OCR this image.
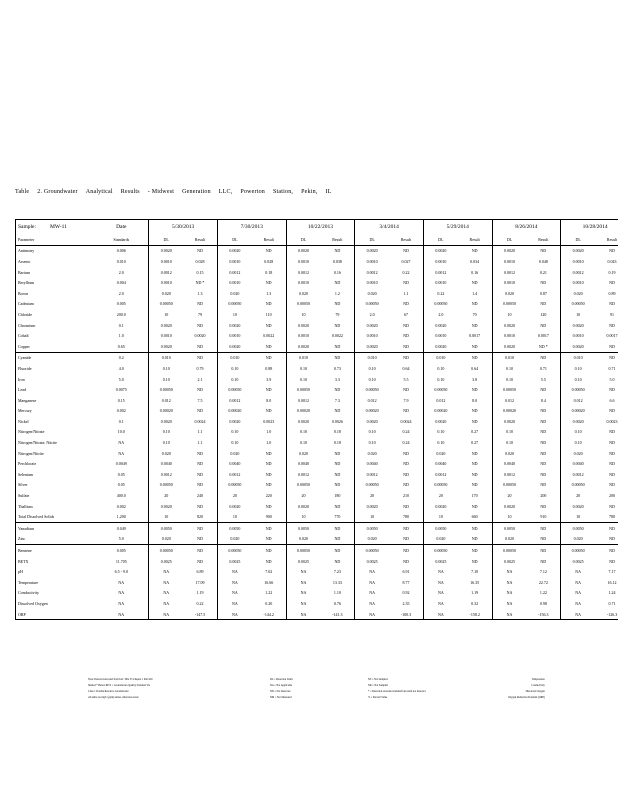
Table 2. Groundwater Analytical Results - Midwest Generation LLC, Powerton Station, Pekin, IL
Sample: MW-11	Date	5/30/2013		7/30/2013		10/22/2013		3/4/2014		5/29/2014		8/26/2014		10/28/2014	
Parameter	Standards	DL	Result	DL	Result	DL	Result	DL	Result	DL	Result	DL	Result	DL	Result
Antimony	0.006	0.0020	ND	0.0020	ND	0.0020	ND	0.0020	ND	0.0020	ND	0.0020	ND	0.0020	ND
Arsenic	0.010	0.0010	0.028	0.0010	0.028	0.0010	0.038	0.0010	0.027	0.0010	0.034	0.0010	0.048	0.0010	0.043
Barium	2.0	0.0012	0.15	0.0012	0.18	0.0012	0.16	0.0012	0.22	0.0012	0.16	0.0012	0.21	0.0012	0.19
Beryllium	0.004	0.0010	ND *	0.0010	ND	0.0010	ND	0.0010	ND	0.0010	ND	0.0010	ND	0.0010	ND
Boron	2.0	0.020	1.3	0.020	1.3	0.020	1.2	0.020	1.1	0.22	1.4	0.020	0.87	0.020	0.89
Cadmium	0.005	0.00050	ND	0.00050	ND	0.00050	ND	0.00050	ND	0.00050	ND	0.00050	ND	0.00050	ND
Chloride	200.0	10	79	10	110	10	79	2.0	67	2.0	70	10	120	10	91
Chromium	0.1	0.0020	ND	0.0020	ND	0.0020	ND	0.0020	ND	0.0020	ND	0.0020	ND	0.0020	ND
Cobalt	1.0	0.0010	0.0020	0.0010	0.0022	0.0010	0.0022	0.0010	ND	0.0010	0.0017	0.0010	0.0017	0.0010	0.0017
Copper	0.65	0.0020	ND	0.0020	ND	0.0020	ND	0.0020	ND	0.0020	ND	0.0020	ND *	0.0020	ND
Cyanide	0.2	0.010	ND	0.010	ND	0.010	ND	0.010	ND	0.010	ND	0.010	ND	0.010	ND
Fluoride	4.0	0.10	0.79	0.10	0.88	0.10	0.73	0.10	0.64	0.10	0.64	0.10	0.71	0.10	0.71
Iron	5.0	0.10	2.1	0.10	3.9	0.10	3.3	0.10	5.5	0.10	3.8	0.10	5.5	0.10	5.0
Lead	0.0075	0.00050	ND	0.00050	ND	0.00050	ND	0.00050	ND	0.00050	ND	0.00050	ND	0.00050	ND
Manganese	0.15	0.012	7.5	0.0012	8.0	0.0012	7.3	0.012	7.9	0.012	8.0	0.012	8.4	0.012	6.6
Mercury	0.002	0.00020	ND	0.00020	ND	0.00020	ND	0.00020	ND	0.00020	ND	0.00020	ND	0.00020	ND
Nickel	0.1	0.0020	0.0024	0.0020	0.0023	0.0020	0.0026	0.0020	0.0024	0.0020	ND	0.0020	ND	0.0020	0.0023
Nitrogen/Nitrate	10.0	0.10	1.1	0.10	1.0	0.10	0.18	0.10	0.24	0.10	0.27	0.10	ND	0.10	ND
Nitrogen/Nitrate, Nitrite	NA	0.10	1.1	0.10	1.0	0.10	0.18	0.10	0.24	0.10	0.27	0.10	ND	0.10	ND
Nitrogen/Nitrite	NA	0.020	ND	0.020	ND	0.020	ND	0.020	ND	0.020	ND	0.020	ND	0.020	ND
Perchlorate	0.0049	0.0040	ND	0.0040	ND	0.0040	ND	0.0040	ND	0.0040	ND	0.0040	ND	0.0040	ND
Selenium	0.05	0.0012	ND	0.0012	ND	0.0012	ND	0.0012	ND	0.0012	ND	0.0012	ND	0.0012	ND
Silver	0.05	0.00050	ND	0.00050	ND	0.00050	ND	0.00050	ND	0.00050	ND	0.00050	ND	0.00050	ND
Sulfate	400.0	20	240	20	220	20	180	20	210	20	170	20	200	20	200
Thallium	0.002	0.0020	ND	0.0020	ND	0.0020	ND	0.0020	ND	0.0020	ND	0.0020	ND	0.0020	ND
Total Dissolved Solids	1,200	10	820	10	900	10	770	10	780	10	660	10	910	10	780
Vanadium	0.049	0.0050	ND	0.0050	ND	0.0050	ND	0.0050	ND	0.0050	ND	0.0050	ND	0.0050	ND
Zinc	5.0	0.020	ND	0.020	ND	0.020	ND	0.020	ND	0.020	ND	0.020	ND	0.020	ND
Benzene	0.005	0.00050	ND	0.00050	ND	0.00050	ND	0.00050	ND	0.00050	ND	0.00050	ND	0.00050	ND
BETX	11.705	0.0025	ND	0.0025	ND	0.0025	ND	0.0025	ND	0.0025	ND	0.0025	ND	0.0025	ND
pH	6.5 - 9.0	NA	6.89	NA	7.02	NA	7.23	NA	6.91	NA	7.10	NA	7.12	NA	7.17
Temperature	NA	NA	17.09	NA	16.66	NA	13.33	NA	8.77	NA	16.35	NA	22.72	NA	16.12
Conductivity	NA	NA	1.19	NA	1.22	NA	1.10	NA	0.92	NA	1.19	NA	1.22	NA	1.24
Dissolved Oxygen	NA	NA	0.22	NA	0.20	NA	0.76	NA	2.35	NA	0.32	NA	0.98	NA	0.71
ORP	NA	NA	-147.5	NA	-144.2	NA	-141.3	NA	-100.3	NA	-158.2	NA	-156.3	NA	-126.3
Note: Detected elevated from IAC Title 35 Chapter 1 Part 620
Shaded * Below RE/S = Groundwater Quality Standard Vio
Class 1 Potable Resource Groundwater
All units are mg/L (ppm) unless otherwise noted.
DL = Detection Limit
NA = Not Applicable
ND = Not Detected
NM = Not Measured
NS = Not Sampled
NR = Not Sampled
* = Detection exceeded standard but result not detected
% = Percent Value
Temperature
Conductivity
Dissolved Oxygen
Oxygen Reduction Potential (ORP)
